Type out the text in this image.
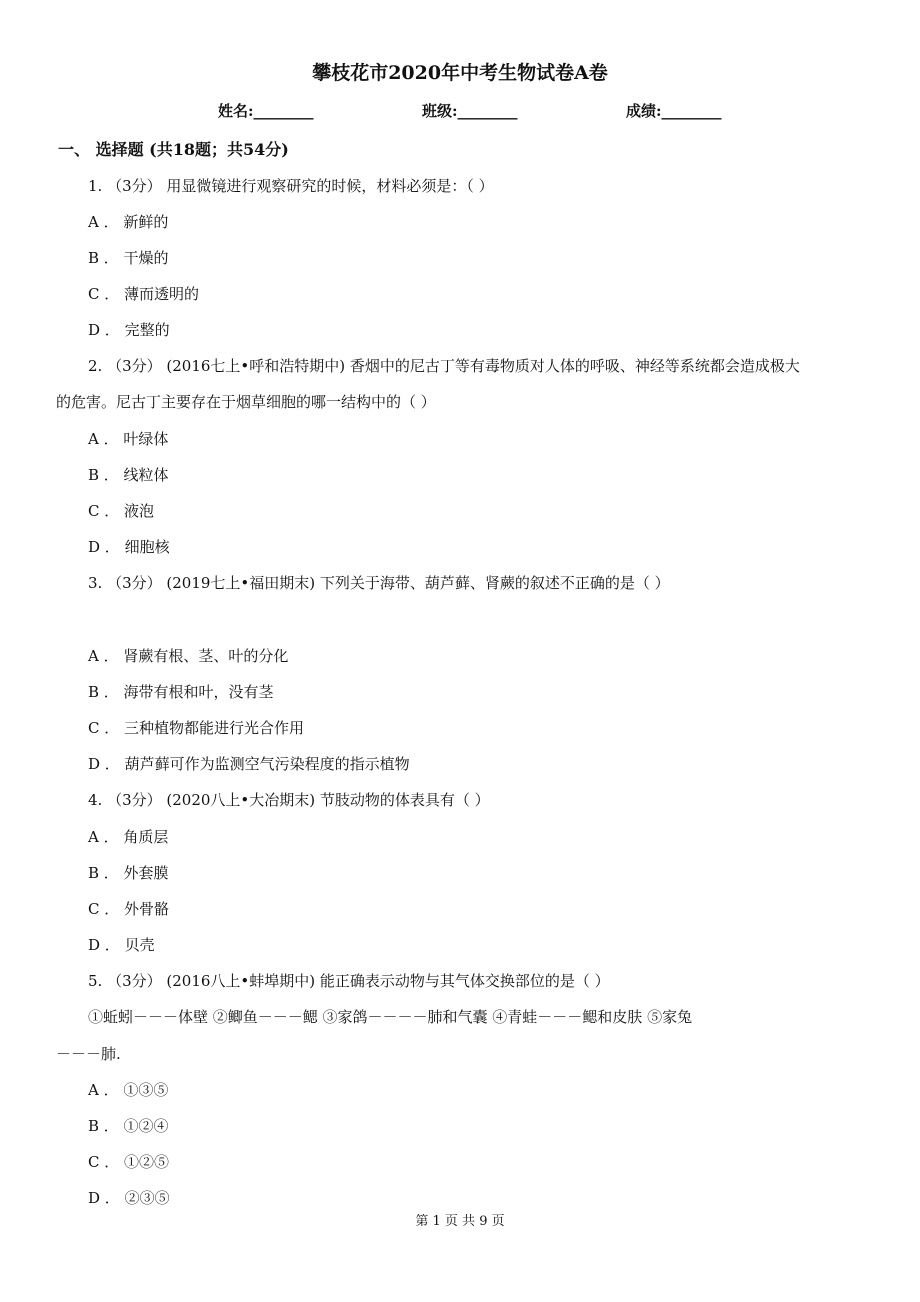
攀枝花市2020年中考生物试卷A卷
姓名:________	班级:________	成绩:________
一、 选择题 (共18题；共54分)
1. （3分） 用显微镜进行观察研究的时候，材料必须是：（ ）
A ． 新鲜的
B ． 干燥的
C ． 薄而透明的
D ． 完整的
2. （3分） (2016七上•呼和浩特期中) 香烟中的尼古丁等有毒物质对人体的呼吸、神经等系统都会造成极大
的危害。尼古丁主要存在于烟草细胞的哪一结构中的（ ）
A ． 叶绿体
B ． 线粒体
C ． 液泡
D ． 细胞核
3. （3分） (2019七上•福田期末) 下列关于海带、葫芦藓、肾蕨的叙述不正确的是（ ）
A ． 肾蕨有根、茎、叶的分化
B ． 海带有根和叶，没有茎
C ． 三种植物都能进行光合作用
D ． 葫芦藓可作为监测空气污染程度的指示植物
4. （3分） (2020八上•大冶期末) 节肢动物的体表具有（ ）
A ． 角质层
B ． 外套膜
C ． 外骨骼
D ． 贝壳
5. （3分） (2016八上•蚌埠期中) 能正确表示动物与其气体交换部位的是（ ）
①蚯蚓－－－体壁 ②鲫鱼－－－鳃 ③家鸽－－－－肺和气囊 ④青蛙－－－鳃和皮肤 ⑤家兔
－－－肺.
A ． ①③⑤
B ． ①②④
C ． ①②⑤
D ． ②③⑤
第 1 页 共 9 页
